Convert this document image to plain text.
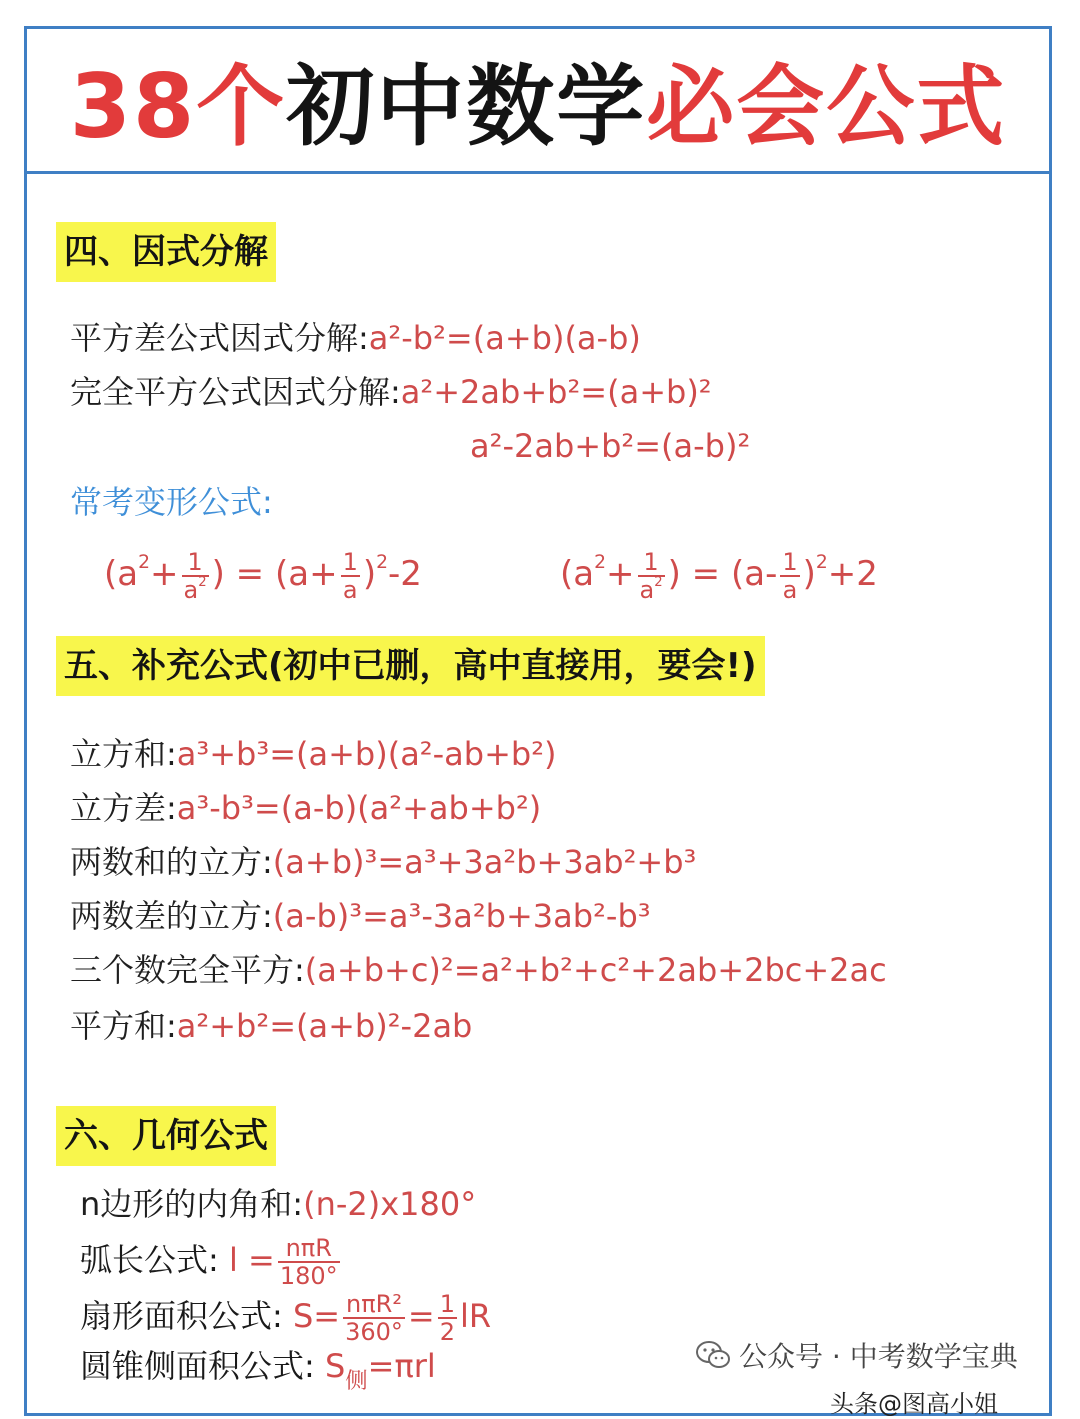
38个 初中数学 必会公式
四、因式分解
平方差公式因式分解:a²-b²=(a+b)(a-b)
完全平方公式因式分解:a²+2ab+b²=(a+b)²
a²-2ab+b²=(a-b)²
常考变形公式:
($a^2+ \frac{1}{a^2}$ ) = $(a+ \frac{1}{a} )^2-2$	($a^2+ \frac{1}{a^2}$ ) = $(a- \frac{1}{a} )^2+2$
五、补充公式(初中已删，高中直接用，要会!)
立方和:a³+b³=(a+b)(a²-ab+b²)
立方差:a³-b³=(a-b)(a²+ab+b²)
两数和的立方:(a+b)³=a³+3a²b+3ab²+b³
两数差的立方:(a-b)³=a³-3a²b+3ab²-b³
三个数完全平方:(a+b+c)²=a²+b²+c²+2ab+2bc+2ac
平方和:a²+b²=(a+b)²-2ab
六、几何公式
n边形的内角和:(n-2)x180°
弧长公式: $l = \frac{\text{nπR}}{180^\circ}$
扇形面积公式: $S= \frac{\text{nπR²}}{360^\circ} = \frac{1}{2}$ lR
圆锥侧面积公式: $S_侧=\pi rl$	公众号 · 中考数学宝典
头条@图高小姐
